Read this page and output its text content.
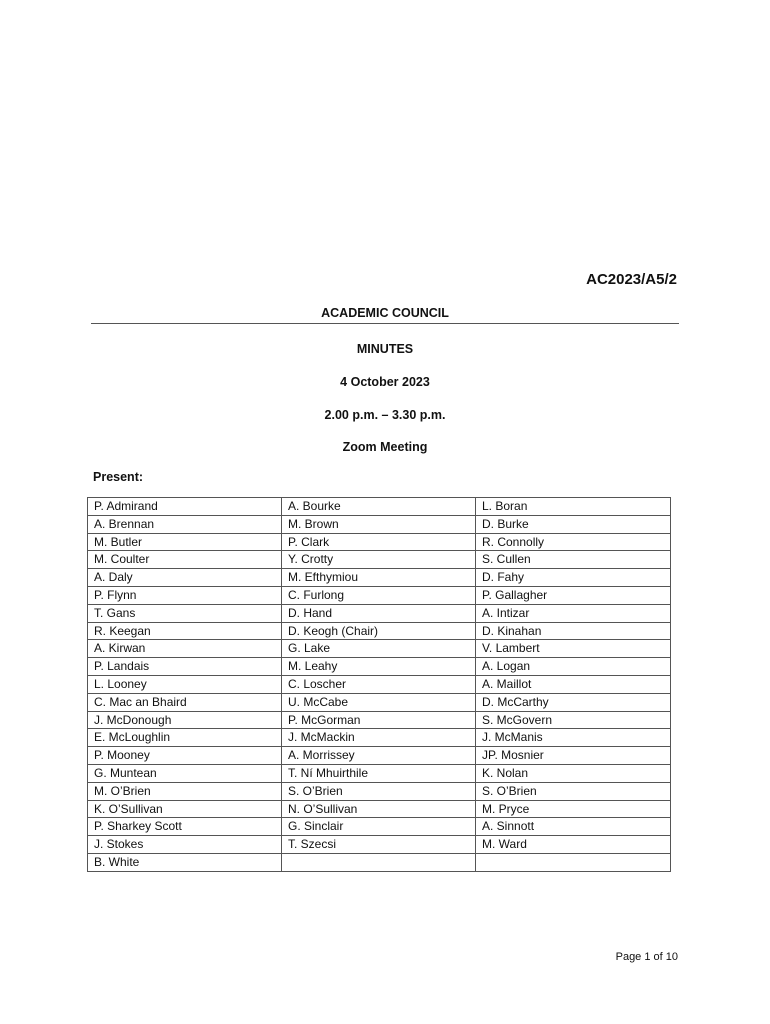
AC2023/A5/2
ACADEMIC COUNCIL
MINUTES
4 October 2023
2.00 p.m. – 3.30 p.m.
Zoom Meeting
Present:
P. Admirand	A. Bourke	L. Boran
A. Brennan	M. Brown	D. Burke
M. Butler	P. Clark	R. Connolly
M. Coulter	Y. Crotty	S. Cullen
A. Daly	M. Efthymiou	D. Fahy
P. Flynn	C. Furlong	P. Gallagher
T. Gans	D. Hand	A. Intizar
R. Keegan	D. Keogh (Chair)	D. Kinahan
A. Kirwan	G. Lake	V. Lambert
P. Landais	M. Leahy	A. Logan
L. Looney	C. Loscher	A. Maillot
C. Mac an Bhaird	U. McCabe	D. McCarthy
J. McDonough	P. McGorman	S. McGovern
E. McLoughlin	J. McMackin	J. McManis
P. Mooney	A. Morrissey	JP. Mosnier
G. Muntean	T. Ní Mhuirthile	K. Nolan
M. O’Brien	S. O’Brien	S. O’Brien
K. O’Sullivan	N. O’Sullivan	M. Pryce
P. Sharkey Scott	G. Sinclair	A. Sinnott
J. Stokes	T. Szecsi	M. Ward
B. White		
Page 1 of 10
